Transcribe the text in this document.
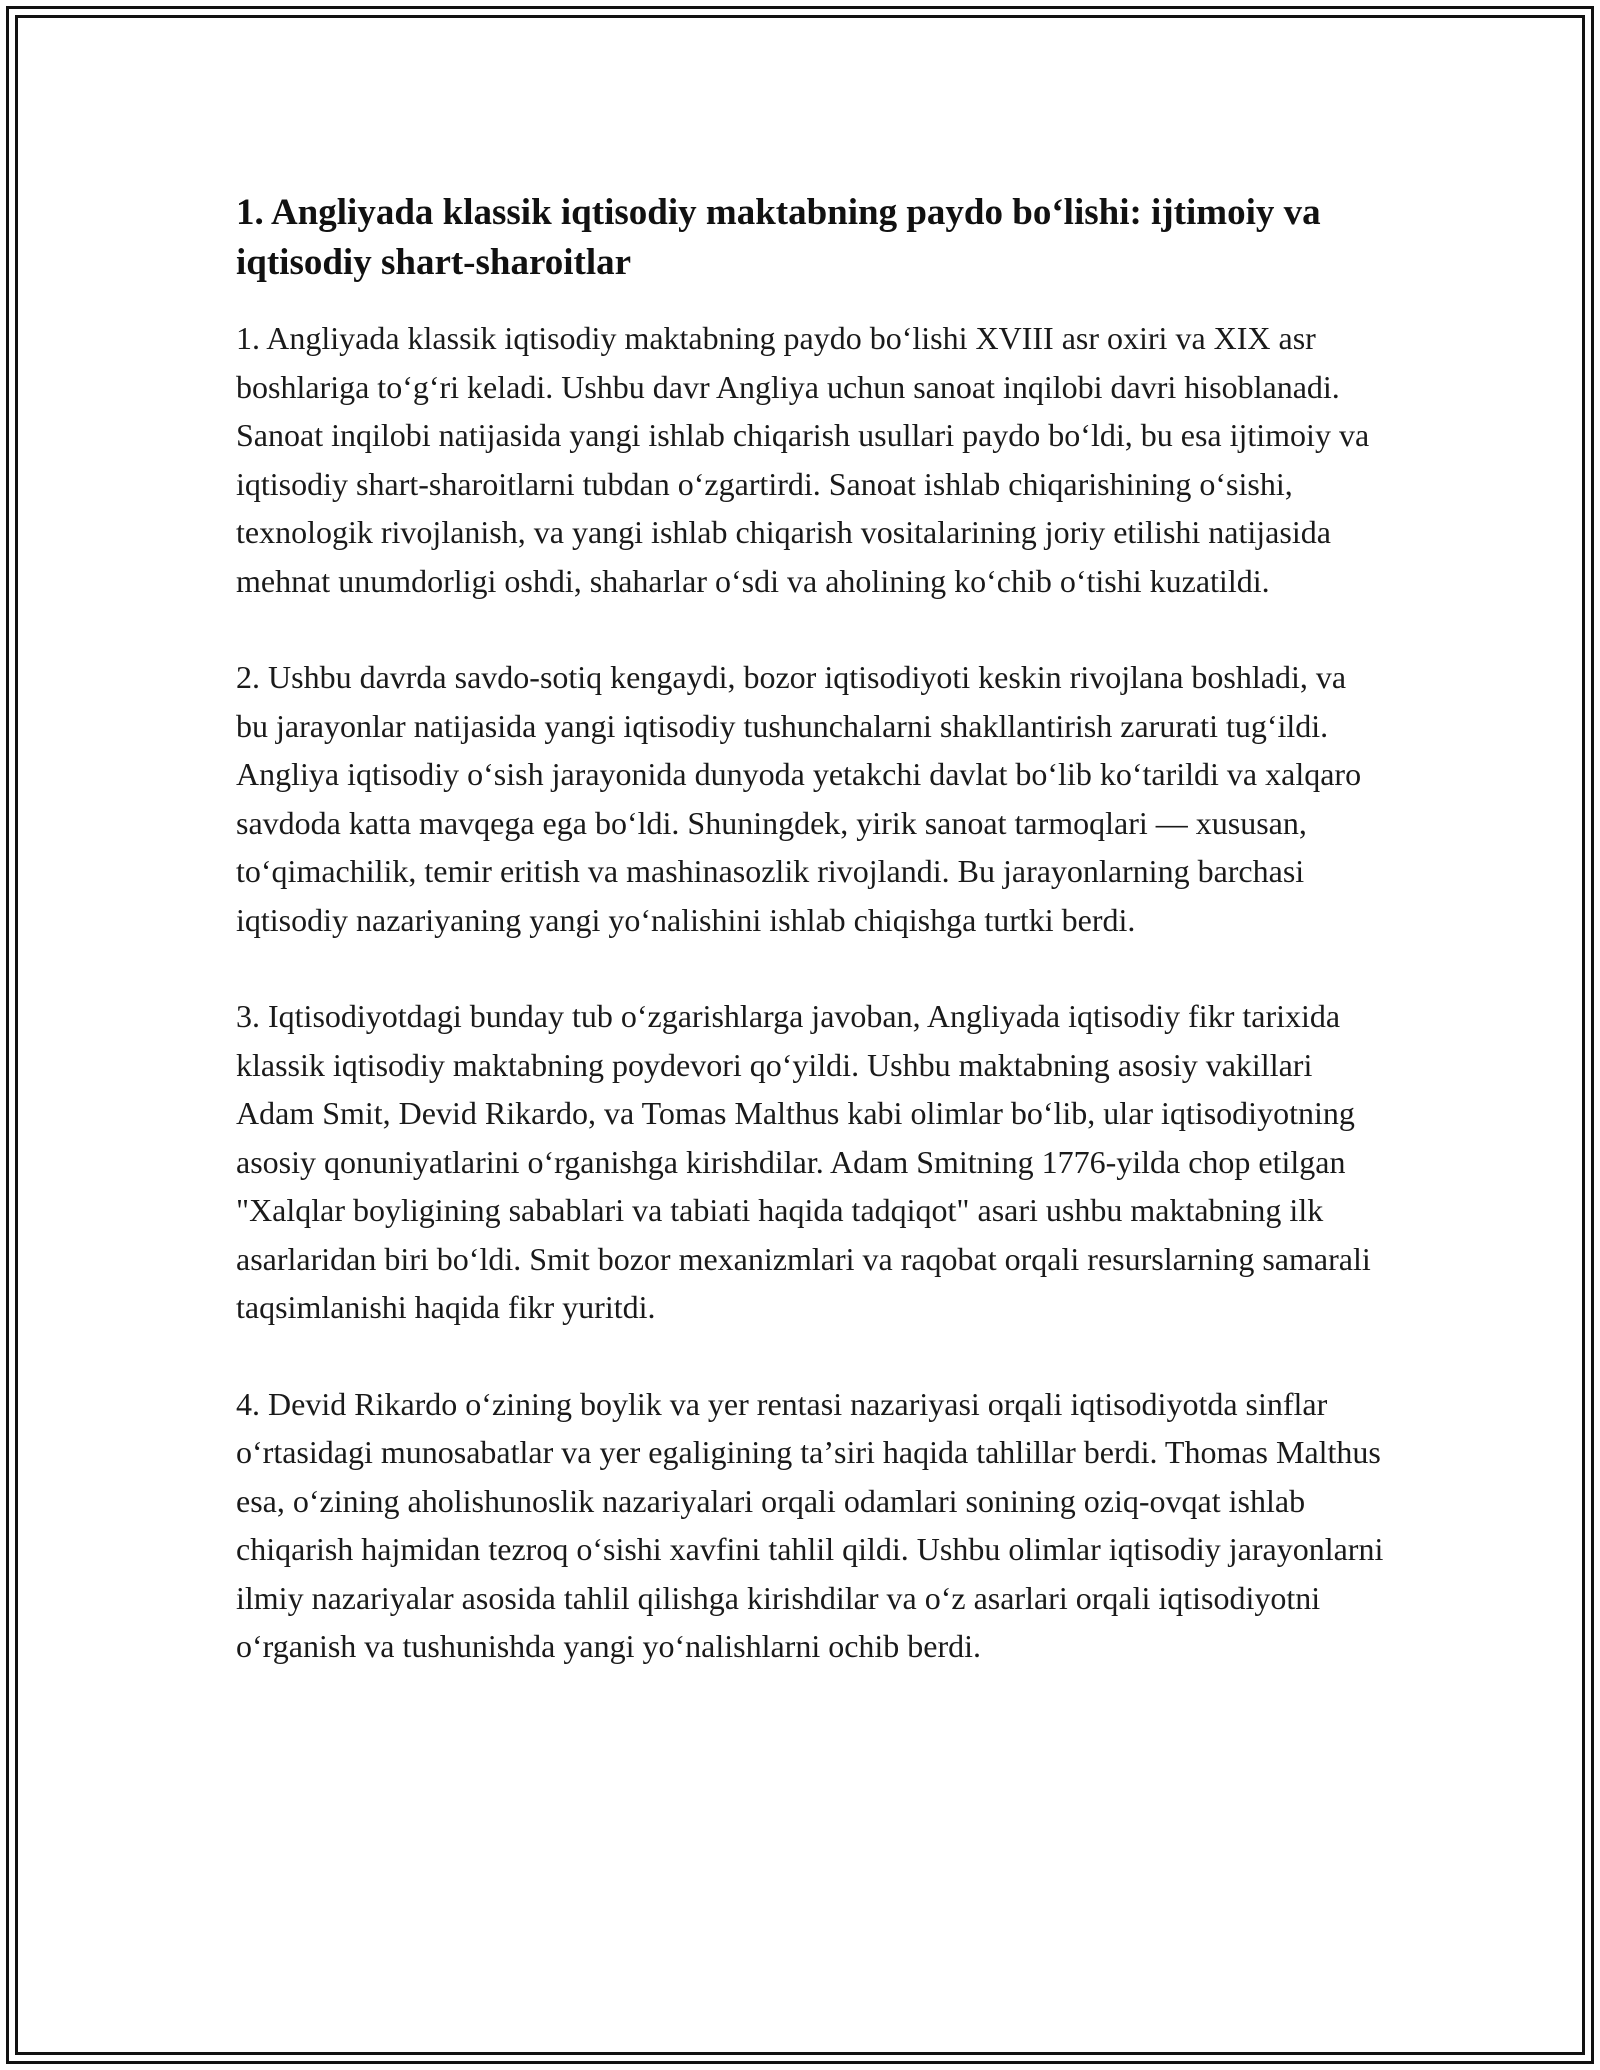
1. Angliyada klassik iqtisodiy maktabning paydo boʻlishi: ijtimoiy va iqtisodiy shart-sharoitlar

1. Angliyada klassik iqtisodiy maktabning paydo boʻlishi XVIII asr oxiri va XIX asr boshlariga toʻgʻri keladi. Ushbu davr Angliya uchun sanoat inqilobi davri hisoblanadi. Sanoat inqilobi natijasida yangi ishlab chiqarish usullari paydo boʻldi, bu esa ijtimoiy va iqtisodiy shart-sharoitlarni tubdan oʻzgartirdi. Sanoat ishlab chiqarishining oʻsishi, texnologik rivojlanish, va yangi ishlab chiqarish vositalarining joriy etilishi natijasida mehnat unumdorligi oshdi, shaharlar oʻsdi va aholining koʻchib oʻtishi kuzatildi.

2. Ushbu davrda savdo-sotiq kengaydi, bozor iqtisodiyoti keskin rivojlana boshladi, va bu jarayonlar natijasida yangi iqtisodiy tushunchalarni shakllantirish zarurati tugʻildi. Angliya iqtisodiy oʻsish jarayonida dunyoda yetakchi davlat boʻlib koʻtarildi va xalqaro savdoda katta mavqega ega boʻldi. Shuningdek, yirik sanoat tarmoqlari — xususan, toʻqimachilik, temir eritish va mashinasozlik rivojlandi. Bu jarayonlarning barchasi iqtisodiy nazariyaning yangi yoʻnalishini ishlab chiqishga turtki berdi.

3. Iqtisodiyotdagi bunday tub oʻzgarishlarga javoban, Angliyada iqtisodiy fikr tarixida klassik iqtisodiy maktabning poydevori qoʻyildi. Ushbu maktabning asosiy vakillari Adam Smit, Devid Rikardo, va Tomas Malthus kabi olimlar boʻlib, ular iqtisodiyotning asosiy qonuniyatlarini oʻrganishga kirishdilar. Adam Smitning 1776-yilda chop etilgan "Xalqlar boyligining sabablari va tabiati haqida tadqiqot" asari ushbu maktabning ilk asarlaridan biri boʻldi. Smit bozor mexanizmlari va raqobat orqali resurslarning samarali taqsimlanishi haqida fikr yuritdi.

4. Devid Rikardo oʻzining boylik va yer rentasi nazariyasi orqali iqtisodiyotda sinflar oʻrtasidagi munosabatlar va yer egaligining taʼsiri haqida tahlillar berdi. Thomas Malthus esa, oʻzining aholishunoslik nazariyalari orqali odamlari sonining oziq-ovqat ishlab chiqarish hajmidan tezroq oʻsishi xavfini tahlil qildi. Ushbu olimlar iqtisodiy jarayonlarni ilmiy nazariyalar asosida tahlil qilishga kirishdilar va oʻz asarlari orqali iqtisodiyotni oʻrganish va tushunishda yangi yoʻnalishlarni ochib berdi.
